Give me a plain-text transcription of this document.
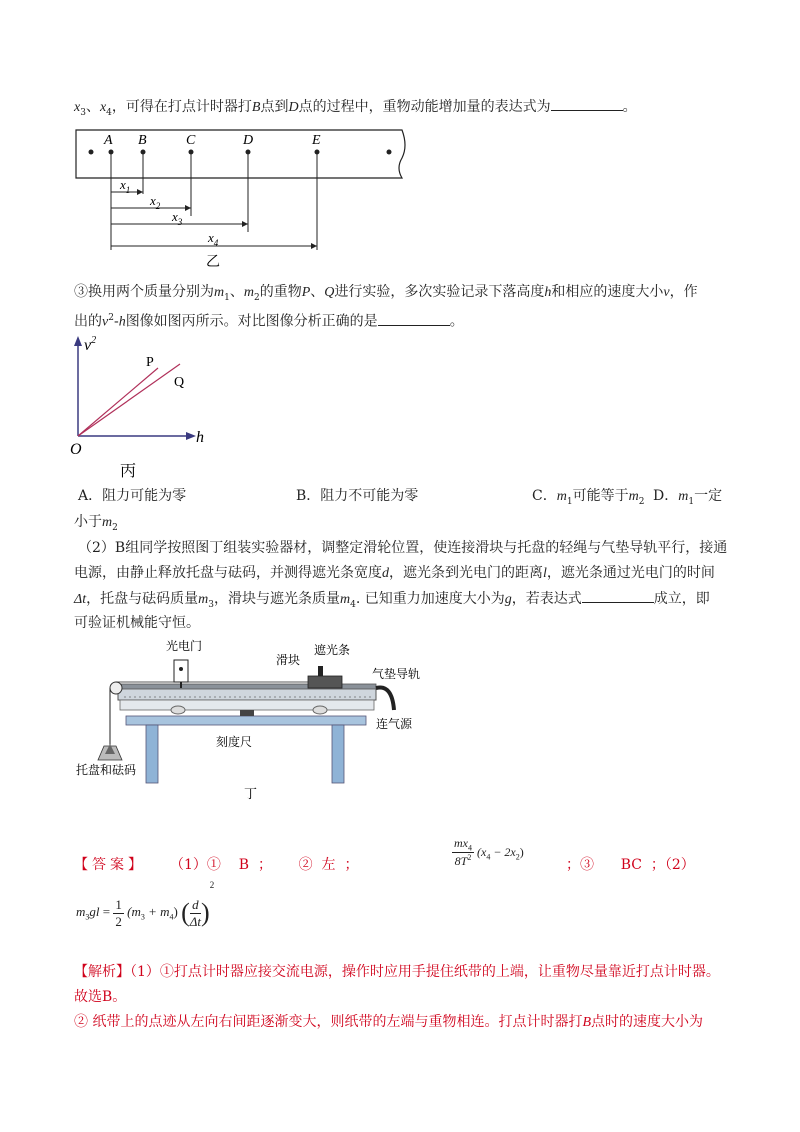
$x_3$、$x_4$，可得在打点计时器打B点到D点的过程中，重物动能增加量的表达式为	。
A B	C	D	E
$x_1$
$x_2$
$x_3$
$x_4$
乙
③换用两个质量分别为$m_1$、$m_2$的重物P、Q进行实验，多次实验记录下落高度h和相应的速度大小v，作
出的$v^2-h$图像如图丙所示。对比图像分析正确的是	。
$v^2$
h
O
P
Q
丙
A．阻力可能为零	B．阻力不可能为零	C．$m_1$可能等于$m_2$ D．$m_1$一定
小于$m_2$
（2）B组同学按照图丁组装实验器材，调整定滑轮位置，使连接滑块与托盘的轻绳与气垫导轨平行，接通
电源，由静止释放托盘与砝码，并测得遮光条宽度d，遮光条到光电门的距离l，遮光条通过光电门的时间
Δt，托盘与砝码质量$m_3$，滑块与遮光条质量$m_4$. 已知重力加速度大小为g，若表达式	成立，即
可验证机械能守恒。
光电门
滑块
遮光条
气垫导轨
连气源
刻度尺
托盘和砝码
丁
【答案】 （1）① B ； ② 左 ；	$\frac{mx_4}{8T^2} (x_4 - 2x_2)$
；③ BC ；（2）
$m_3gl = \frac{1}{2} (m_3 + m_4)$ ( $\frac{d}{\Delta t} )^2$
【解析】（1）①打点计时器应接交流电源，操作时应用手提住纸带的上端，让重物尽量靠近打点计时器。
故选B。
② 纸带上的点迹从左向右间距逐渐变大，则纸带的左端与重物相连。打点计时器打B点时的速度大小为
